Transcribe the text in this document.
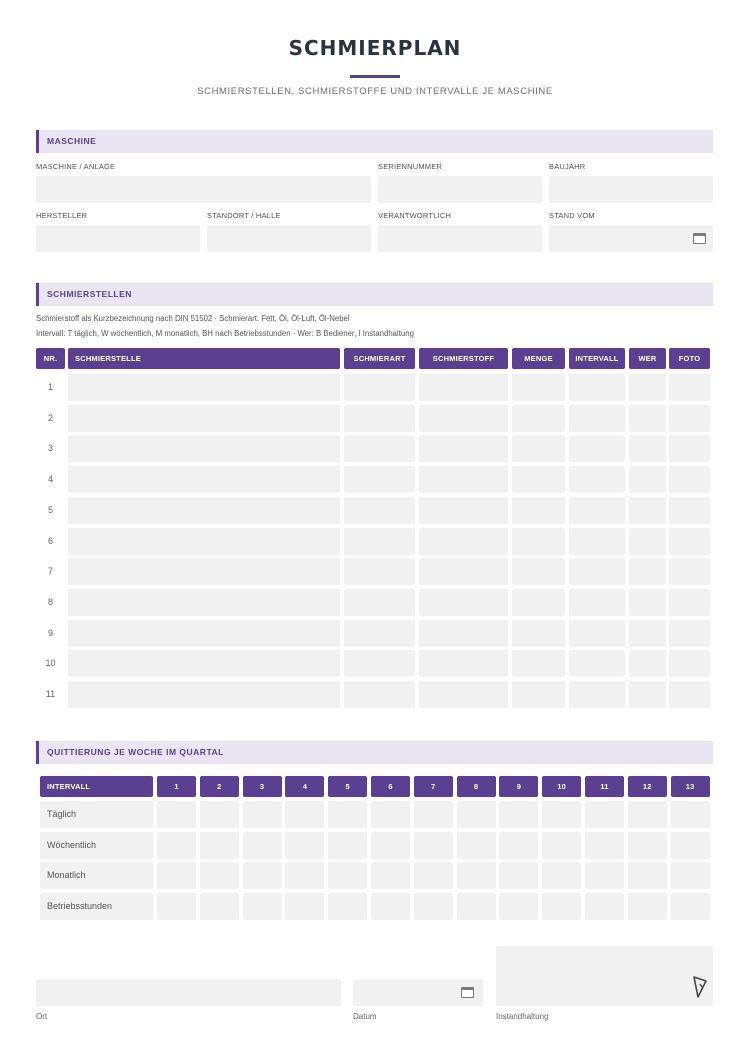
SCHMIERPLAN
SCHMIERSTELLEN, SCHMIERSTOFFE UND INTERVALLE JE MASCHINE
MASCHINE
MASCHINE / ANLAGE	SERIENNUMMER	BAUJAHR
HERSTELLER	STANDORT / HALLE	VERANTWORTLICH	STAND VOM
SCHMIERSTELLEN
Schmierstoff als Kurzbezeichnung nach DIN 51502 · Schmierart: Fett, Öl, Öl-Luft, Öl-Nebel
Intervall: T täglich, W wöchentlich, M monatlich, BH nach Betriebsstunden · Wer: B Bediener, I Instandhaltung
NR.	SCHMIERSTELLE	SCHMIERART	SCHMIERSTOFF	MENGE	INTERVALL	WER	FOTO
1
2
3
4
5
6
7
8
9
10
11
QUITTIERUNG JE WOCHE IM QUARTAL
INTERVALL	1	2	3	4	5	6	7	8	9	10	11	12	13
Täglich
Wöchentlich
Monatlich
Betriebsstunden
Ort	Datum	Instandhaltung
